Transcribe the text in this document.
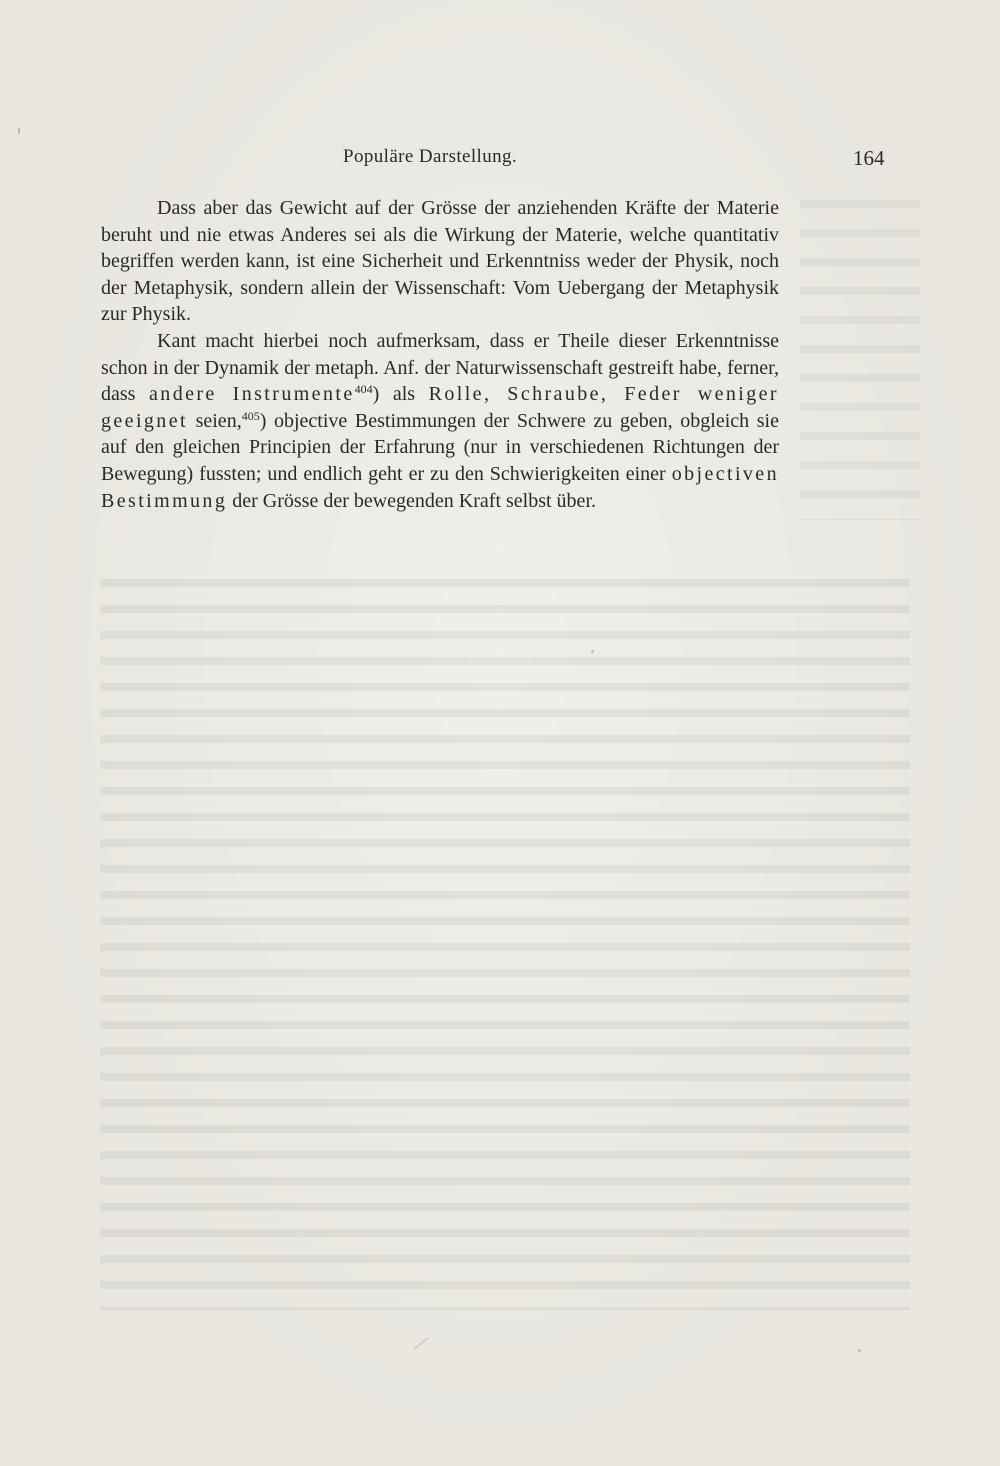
Populäre Darstellung.	164

Dass aber das Gewicht auf der Grösse der anziehenden Kräfte der Materie beruht und nie etwas Anderes sei als die Wirkung der Materie, welche quantitativ begriffen werden kann, ist eine Sicherheit und Erkenntniss weder der Physik, noch der Metaphysik, sondern allein der Wissenschaft: Vom Uebergang der Metaphysik zur Physik.

Kant macht hierbei noch aufmerksam, dass er Theile dieser Erkenntnisse schon in der Dynamik der metaph. Anf. der Naturwissenschaft gestreift habe, ferner, dass andere Instrumente$^{404}$) als Rolle, Schraube, Feder weniger geeignet seien,$^{405}$) objective Bestimmungen der Schwere zu geben, obgleich sie auf den gleichen Principien der Erfahrung (nur in verschiedenen Richtungen der Bewegung) fussten; und endlich geht er zu den Schwierigkeiten einer objectiven Bestimmung der Grösse der bewegenden Kraft selbst über.
